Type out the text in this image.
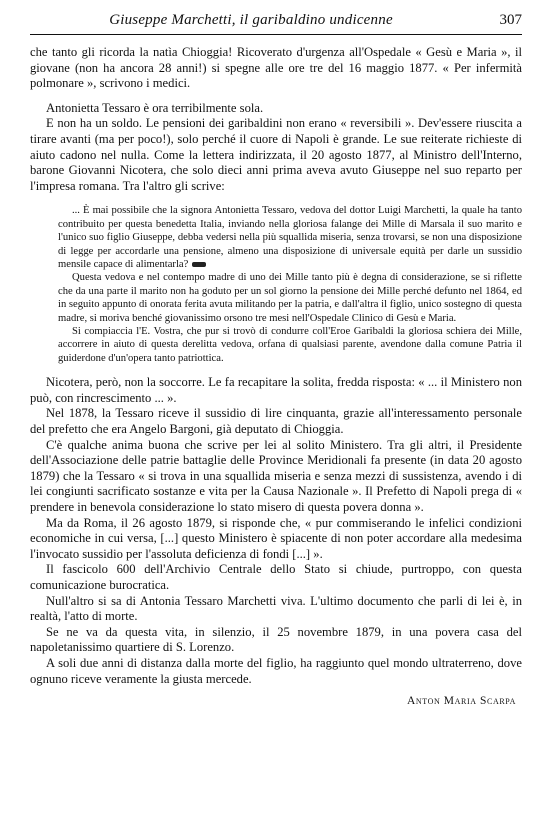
Giuseppe Marchetti, il garibaldino undicenne	307

che tanto gli ricorda la natìa Chioggia! Ricoverato d'urgenza all'Ospedale « Gesù e Maria », il giovane (non ha ancora 28 anni!) si spegne alle ore tre del 16 maggio 1877. « Per infermità polmonare », scrivono i medici.

Antonietta Tessaro è ora terribilmente sola.

E non ha un soldo. Le pensioni dei garibaldini non erano « reversibili ». Dev'essere riuscita a tirare avanti (ma per poco!), solo perché il cuore di Napoli è grande. Le sue reiterate richieste di aiuto cadono nel nulla. Come la lettera indirizzata, il 20 agosto 1877, al Ministro dell'Interno, barone Giovanni Nicotera, che solo dieci anni prima aveva avuto Giuseppe nel suo reparto per l'impresa romana. Tra l'altro gli scrive:

... È mai possibile che la signora Antonietta Tessaro, vedova del dottor Luigi Marchetti, la quale ha tanto contribuito per questa benedetta Italia, inviando nella gloriosa falange dei Mille di Marsala il suo marito e l'unico suo figlio Giuseppe, debba vedersi nella più squallida miseria, senza trovarsi, se non una disposizione di legge per accordarle una pensione, almeno una disposizione di universale equità per darle un sussidio mensile capace di alimentarla?

Questa vedova e nel contempo madre di uno dei Mille tanto più è degna di considerazione, se si riflette che da una parte il marito non ha goduto per un sol giorno la pensione dei Mille perché defunto nel 1864, ed in seguito appunto di onorata ferita avuta militando per la patria, e dall'altra il figlio, unico sostegno di questa madre, si moriva benché giovanissimo orsono tre mesi nell'Ospedale Clinico di Gesù e Maria.

Si compiaccia l'E. Vostra, che pur si trovò di condurre coll'Eroe Garibaldi la gloriosa schiera dei Mille, accorrere in aiuto di questa derelitta vedova, orfana di qualsiasi parente, avendone dalla comune Patria il guiderdone d'un'opera tanto patriottica.

Nicotera, però, non la soccorre. Le fa recapitare la solita, fredda risposta: « ... il Ministero non può, con rincrescimento ... ».

Nel 1878, la Tessaro riceve il sussidio di lire cinquanta, grazie all'interessamento personale del prefetto che era Angelo Bargoni, già deputato di Chioggia.

C'è qualche anima buona che scrive per lei al solito Ministero. Tra gli altri, il Presidente dell'Associazione delle patrie battaglie delle Province Meridionali fa presente (in data 20 agosto 1879) che la Tessaro « si trova in una squallida miseria e senza mezzi di sussistenza, avendo i di lei congiunti sacrificato sostanze e vita per la Causa Nazionale ». Il Prefetto di Napoli prega di « prendere in benevola considerazione lo stato misero di questa povera donna ».

Ma da Roma, il 26 agosto 1879, si risponde che, « pur commiserando le infelici condizioni economiche in cui versa, [...] questo Ministero è spiacente di non poter accordare alla medesima l'invocato sussidio per l'assoluta deficienza di fondi [...] ».

Il fascicolo 600 dell'Archivio Centrale dello Stato si chiude, purtroppo, con questa comunicazione burocratica.

Null'altro si sa di Antonia Tessaro Marchetti viva. L'ultimo documento che parli di lei è, in realtà, l'atto di morte.

Se ne va da questa vita, in silenzio, il 25 novembre 1879, in una povera casa del napoletanissimo quartiere di S. Lorenzo.

A soli due anni di distanza dalla morte del figlio, ha raggiunto quel mondo ultraterreno, dove ognuno riceve veramente la giusta mercede.

Anton Maria Scarpa
